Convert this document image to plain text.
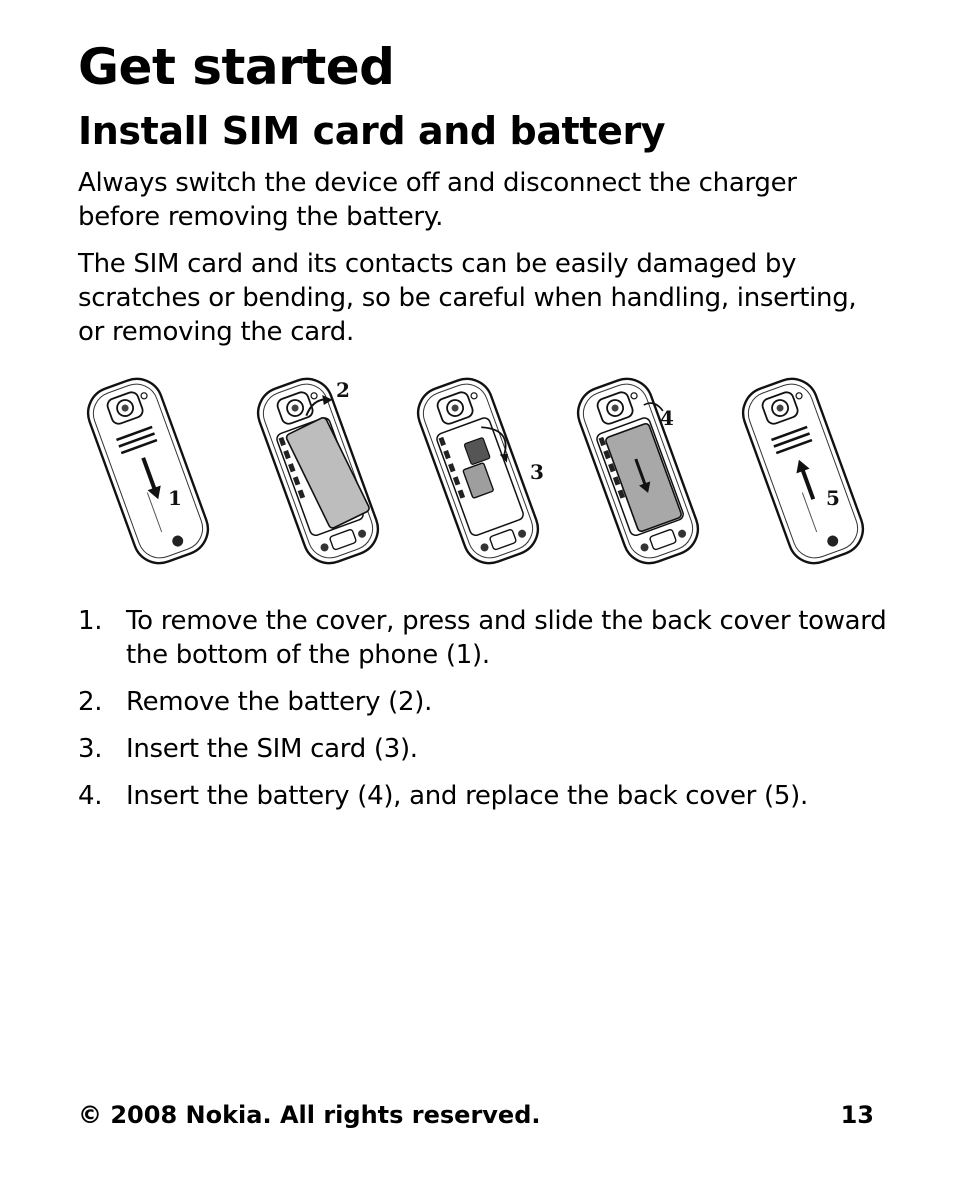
Get started
Install SIM card and battery

Always switch the device off and disconnect the charger before removing the battery.

The SIM card and its contacts can be easily damaged by scratches or bending, so be careful when handling, inserting, or removing the card.

1
2
3
4
5
1. To remove the cover, press and slide the back cover toward the bottom of the phone (1).
2. Remove the battery (2).
3. Insert the SIM card (3).
4. Insert the battery (4), and replace the back cover (5).
© 2008 Nokia. All rights reserved.	13
